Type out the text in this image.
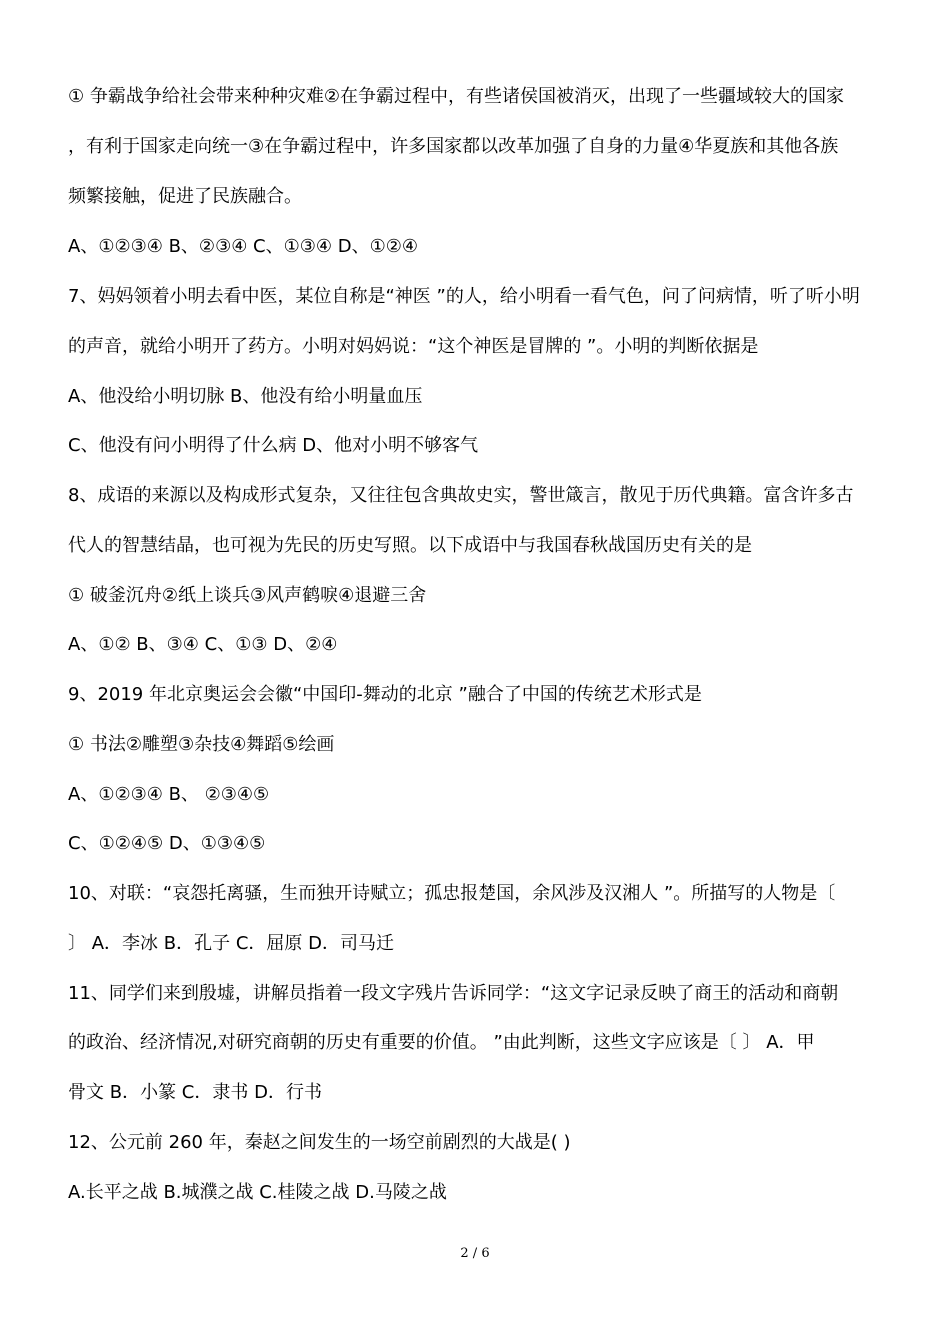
① 争霸战争给社会带来种种灾难②在争霸过程中，有些诸侯国被消灭，出现了一些疆域较大的国家
，有利于国家走向统一③在争霸过程中，许多国家都以改革加强了自身的力量④华夏族和其他各族
频繁接触，促进了民族融合。
A、①②③④ B、②③④ C、①③④ D、①②④
7、妈妈领着小明去看中医，某位自称是“神医 ”的人，给小明看一看气色，问了问病情，听了听小明
的声音，就给小明开了药方。小明对妈妈说：“这个神医是冒牌的 ”。小明的判断依据是
A、他没给小明切脉 B、他没有给小明量血压
C、他没有问小明得了什么病 D、他对小明不够客气
8、成语的来源以及构成形式复杂，又往往包含典故史实，警世箴言，散见于历代典籍。富含许多古
代人的智慧结晶，也可视为先民的历史写照。以下成语中与我国春秋战国历史有关的是
① 破釜沉舟②纸上谈兵③风声鹤唳④退避三舍
A、①② B、③④ C、①③ D、②④
9、2019 年北京奥运会会徽“中国印-舞动的北京 ”融合了中国的传统艺术形式是
① 书法②雕塑③杂技④舞蹈⑤绘画
A、①②③④ B、 ②③④⑤
C、①②④⑤ D、①③④⑤
10、对联：“哀怨托离骚，生而独开诗赋立；孤忠报楚国，余风涉及汉湘人 ”。所描写的人物是〔
〕 A．李冰 B．孔子 C．屈原 D．司马迁
11、同学们来到殷墟，讲解员指着一段文字残片告诉同学：“这文字记录反映了商王的活动和商朝
的政治、经济情况,对研究商朝的历史有重要的价值。 ”由此判断，这些文字应该是〔 〕 A．甲
骨文 B．小篆 C．隶书 D．行书
12、公元前 260 年，秦赵之间发生的一场空前剧烈的大战是( )
A.长平之战 B.城濮之战 C.桂陵之战 D.马陵之战
2 / 6
